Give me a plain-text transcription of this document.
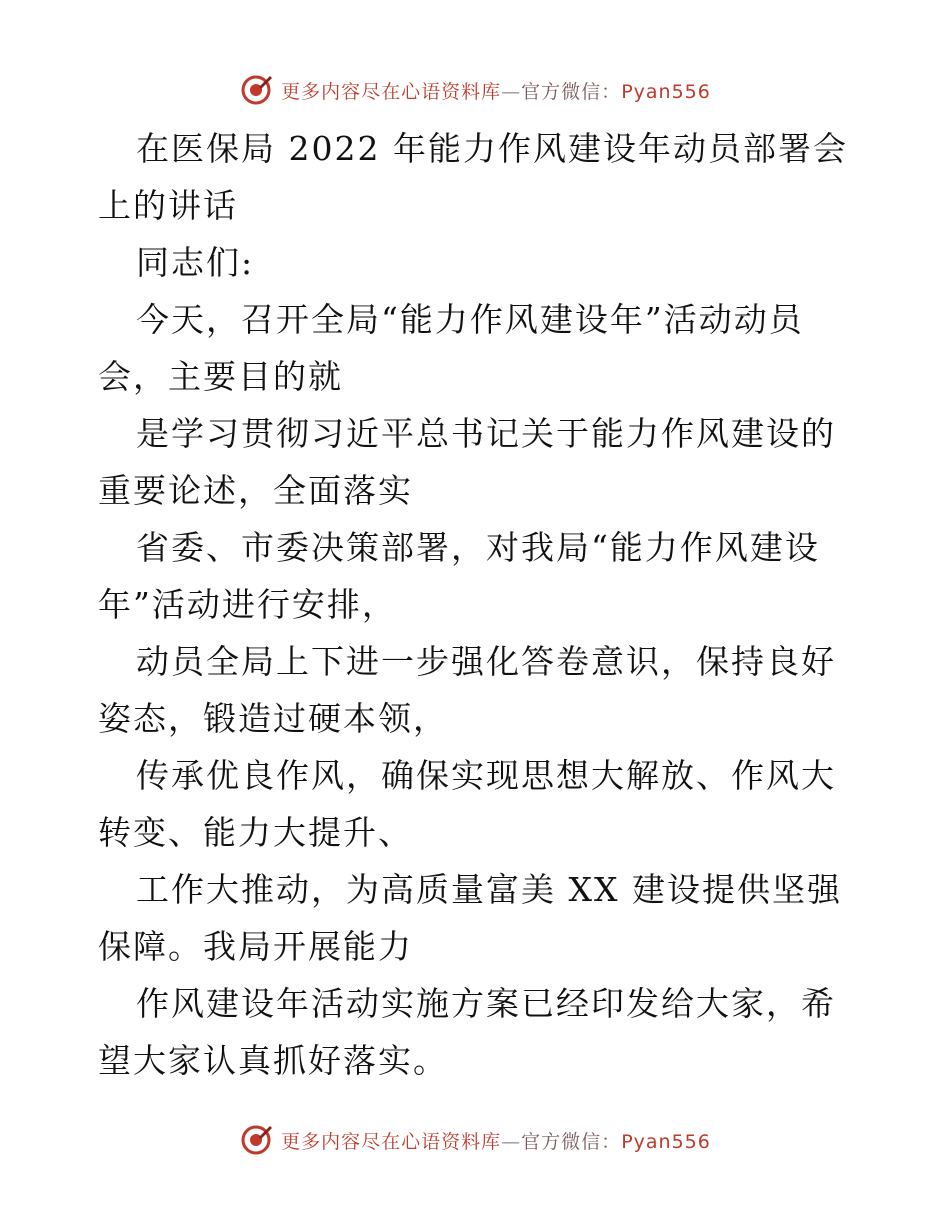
更多内容尽在心语资料库—官方微信：Pyan556

在医保局 2022 年能力作风建设年动员部署会上的讲话

同志们:

今天，召开全局“能力作风建设年”活动动员会，主要目的就

是学习贯彻习近平总书记关于能力作风建设的重要论述，全面落实

省委、市委决策部署，对我局“能力作风建设年”活动进行安排，

动员全局上下进一步强化答卷意识，保持良好姿态，锻造过硬本领，

传承优良作风，确保实现思想大解放、作风大转变、能力大提升、

工作大推动，为高质量富美 XX 建设提供坚强保障。我局开展能力

作风建设年活动实施方案已经印发给大家，希望大家认真抓好落实。

更多内容尽在心语资料库—官方微信：Pyan556
